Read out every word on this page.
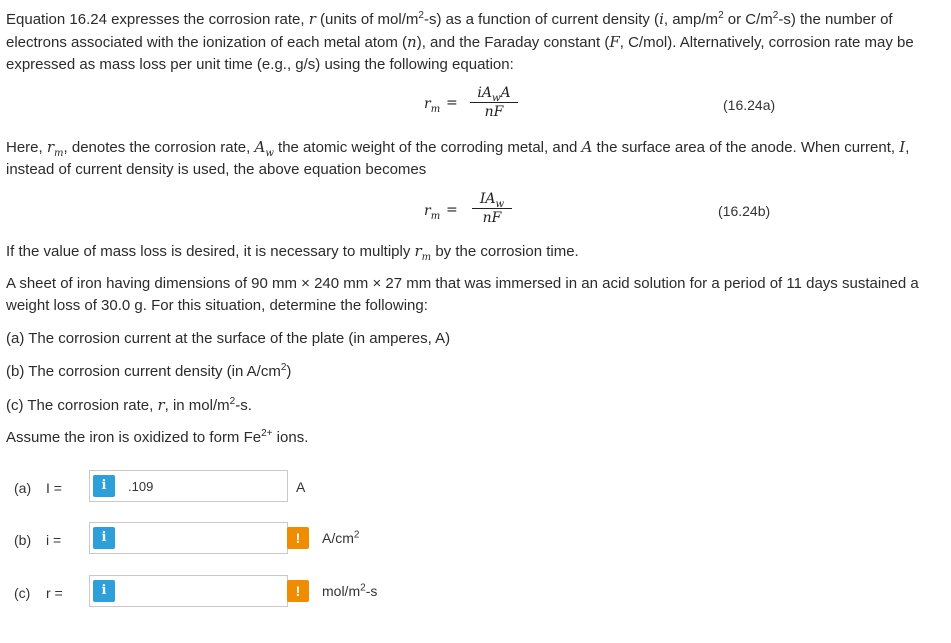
Equation 16.24 expresses the corrosion rate, r (units of mol/$m^2-s$) as a function of current density (i, amp/$m^2$ or $C/m^2-s$) the number of electrons associated with the ionization of each metal atom (n), and the Faraday constant (F, C/mol). Alternatively, corrosion rate may be expressed as mass loss per unit time (e.g., g/s) using the following equation:

$r_m$ =
$iA_wA$
nF	(16.24a)

Here, $r_m$, denotes the corrosion rate, $A_w$ the atomic weight of the corroding metal, and A the surface area of the anode. When current, I, instead of current density is used, the above equation becomes

$r_m$ =
$IA_w$
nF	(16.24b)

If the value of mass loss is desired, it is necessary to multiply $r_m$ by the corrosion time.

A sheet of iron having dimensions of 90 mm × 240 mm × 27 mm that was immersed in an acid solution for a period of 11 days sustained a weight loss of 30.0 g. For this situation, determine the following:

(a) The corrosion current at the surface of the plate (in amperes, A)

(b) The corrosion current density (in $A/cm^2$)

(c) The corrosion rate, r, in mol/$m^2-s$.

Assume the iron is oxidized to form $Fe^{2+}$ ions.

(a) I =	i	.109	A
(b) i =	i	!	$A/cm^2$
(c) r =	i	!	mol/$m^2-s$
